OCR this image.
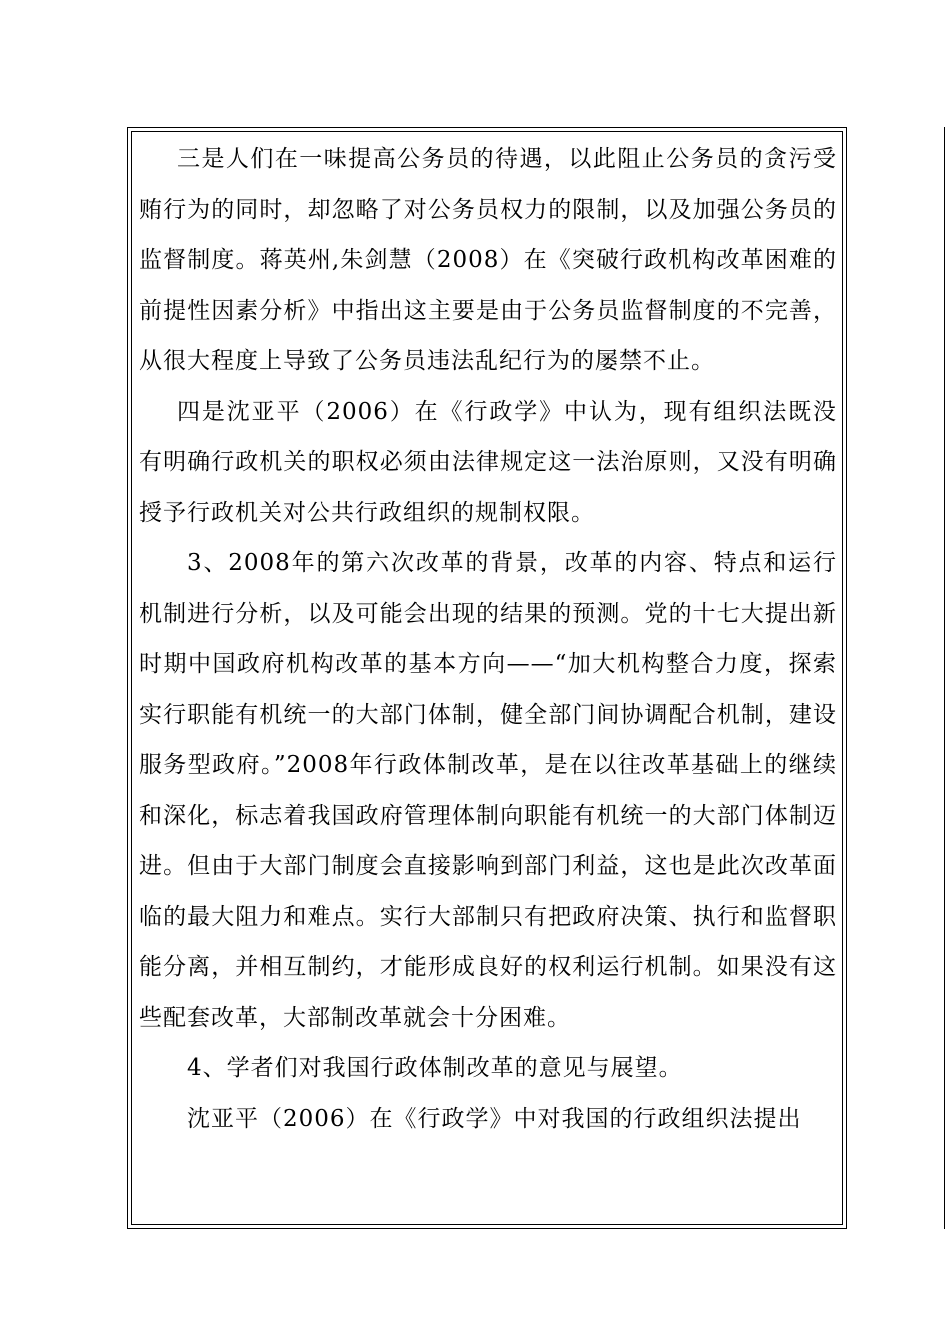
三是人们在一味提高公务员的待遇，以此阻止公务员的贪污受贿行为的同时，却忽略了对公务员权力的限制，以及加强公务员的监督制度。蒋英州,朱剑慧（2008）在《突破行政机构改革困难的前提性因素分析》中指出这主要是由于公务员监督制度的不完善，从很大程度上导致了公务员违法乱纪行为的屡禁不止。

四是沈亚平（2006）在《行政学》中认为，现有组织法既没有明确行政机关的职权必须由法律规定这一法治原则，又没有明确授予行政机关对公共行政组织的规制权限。

3、2008年的第六次改革的背景，改革的内容、特点和运行机制进行分析，以及可能会出现的结果的预测。党的十七大提出新时期中国政府机构改革的基本方向——“加大机构整合力度，探索实行职能有机统一的大部门体制，健全部门间协调配合机制，建设服务型政府。”2008年行政体制改革，是在以往改革基础上的继续和深化，标志着我国政府管理体制向职能有机统一的大部门体制迈进。但由于大部门制度会直接影响到部门利益，这也是此次改革面临的最大阻力和难点。实行大部制只有把政府决策、执行和监督职能分离，并相互制约，才能形成良好的权利运行机制。如果没有这些配套改革，大部制改革就会十分困难。

4、学者们对我国行政体制改革的意见与展望。

沈亚平（2006）在《行政学》中对我国的行政组织法提出
